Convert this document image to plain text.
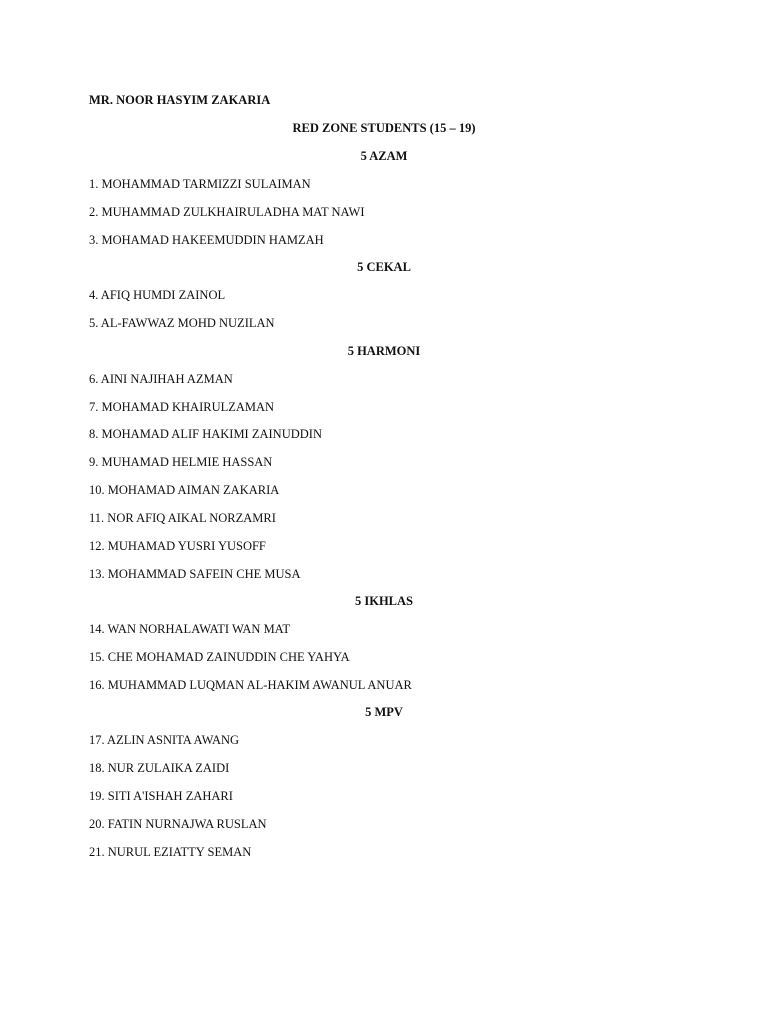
MR. NOOR HASYIM ZAKARIA
RED ZONE STUDENTS (15 – 19)
5 AZAM
1. MOHAMMAD TARMIZZI SULAIMAN
2. MUHAMMAD ZULKHAIRULADHA MAT NAWI
3. MOHAMAD HAKEEMUDDIN HAMZAH
5 CEKAL
4. AFIQ HUMDI ZAINOL
5. AL-FAWWAZ MOHD NUZILAN
5 HARMONI
6. AINI NAJIHAH AZMAN
7. MOHAMAD KHAIRULZAMAN
8. MOHAMAD ALIF HAKIMI ZAINUDDIN
9. MUHAMAD HELMIE HASSAN
10. MOHAMAD AIMAN ZAKARIA
11. NOR AFIQ AIKAL NORZAMRI
12. MUHAMAD YUSRI YUSOFF
13. MOHAMMAD SAFEIN CHE MUSA
5 IKHLAS
14. WAN NORHALAWATI WAN MAT
15. CHE MOHAMAD ZAINUDDIN CHE YAHYA
16. MUHAMMAD LUQMAN AL-HAKIM AWANUL ANUAR
5 MPV
17. AZLIN ASNITA AWANG
18. NUR ZULAIKA ZAIDI
19. SITI A'ISHAH ZAHARI
20. FATIN NURNAJWA RUSLAN
21. NURUL EZIATTY SEMAN
